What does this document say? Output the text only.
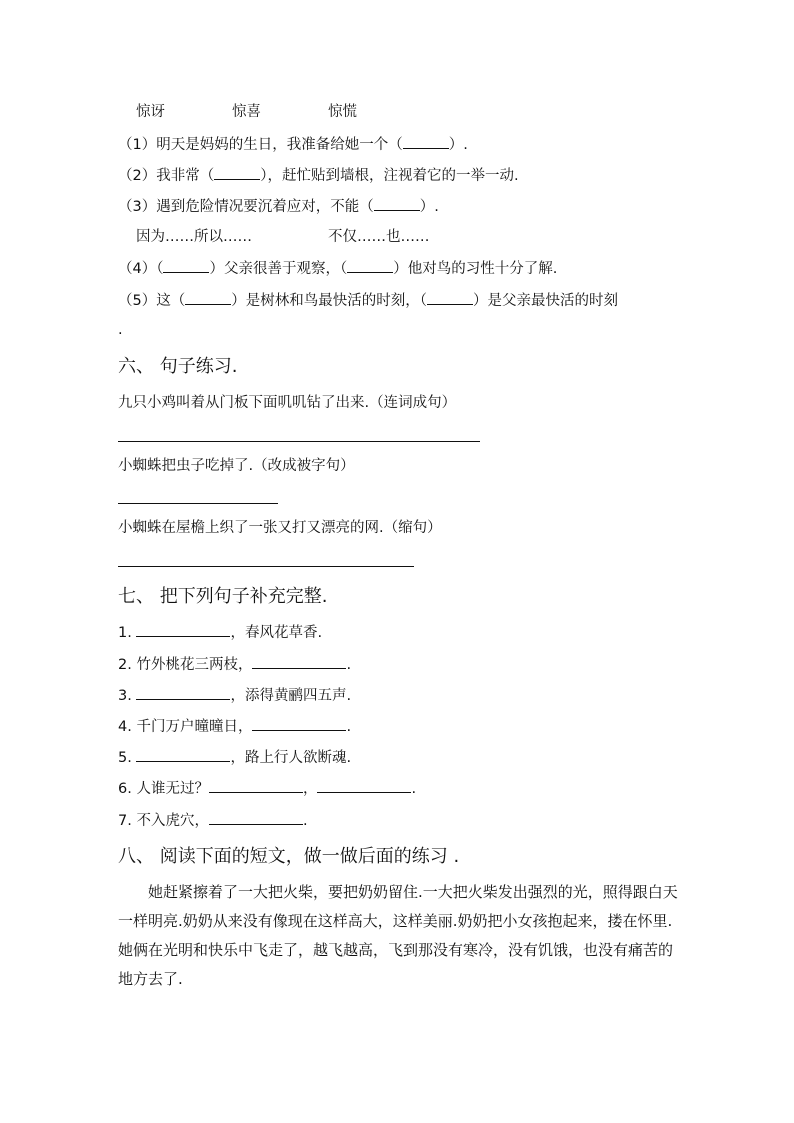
惊讶	惊喜	惊慌
（1）明天是妈妈的生日，我准备给她一个（	）.
（2）我非常（	），赶忙贴到墙根，注视着它的一举一动.
（3）遇到危险情况要沉着应对，不能（	）.
因为……所以……	不仅……也……
（4）（	）父亲很善于观察，（	）他对鸟的习性十分了解.
（5）这（	）是树林和鸟最快活的时刻，（	）是父亲最快活的时刻
.
六、 句子练习.
九只小鸡叫着从门板下面叽叽钻了出来.（连词成句）
小蜘蛛把虫子吃掉了.（改成被字句）
小蜘蛛在屋檐上织了一张又打又漂亮的网.（缩句）
七、 把下列句子补充完整.
1.	，春风花草香.
2. 竹外桃花三两枝，	.
3.	，添得黄鹂四五声.
4. 千门万户曈曈日，	.
5.	，路上行人欲断魂.
6. 人谁无过？	，	.
7. 不入虎穴，	.
八、 阅读下面的短文，做一做后面的练习 .
她赶紧擦着了一大把火柴，要把奶奶留住.一大把火柴发出强烈的光，照得跟白天一样明亮.奶奶从来没有像现在这样高大，这样美丽.奶奶把小女孩抱起来，搂在怀里.她俩在光明和快乐中飞走了，越飞越高，飞到那没有寒冷，没有饥饿，也没有痛苦的地方去了.
